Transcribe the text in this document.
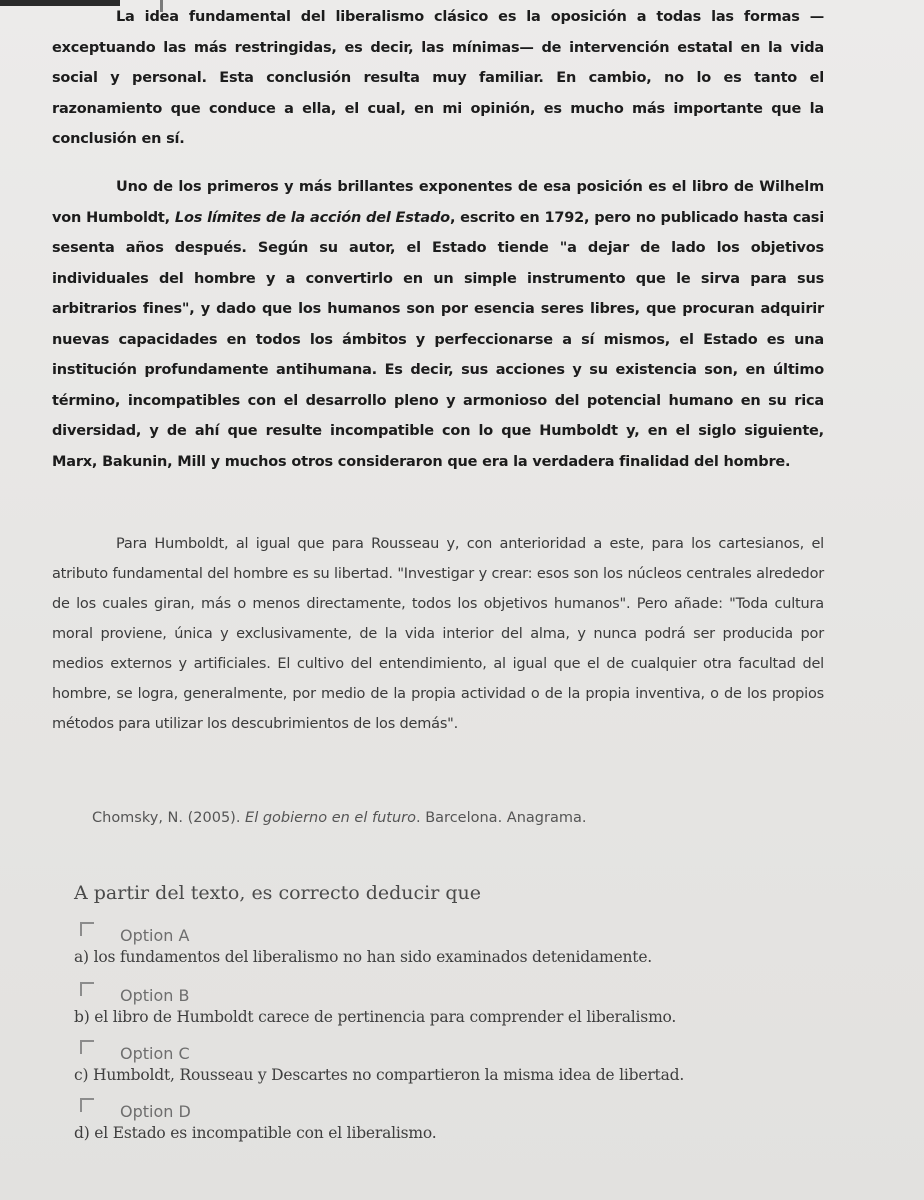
La idea fundamental del liberalismo clásico es la oposición a todas las formas —exceptuando las más restringidas, es decir, las mínimas— de intervención estatal en la vida social y personal. Esta conclusión resulta muy familiar. En cambio, no lo es tanto el razonamiento que conduce a ella, el cual, en mi opinión, es mucho más importante que la conclusión en sí.

Uno de los primeros y más brillantes exponentes de esa posición es el libro de Wilhelm von Humboldt, Los límites de la acción del Estado, escrito en 1792, pero no publicado hasta casi sesenta años después. Según su autor, el Estado tiende "a dejar de lado los objetivos individuales del hombre y a convertirlo en un simple instrumento que le sirva para sus arbitrarios fines", y dado que los humanos son por esencia seres libres, que procuran adquirir nuevas capacidades en todos los ámbitos y perfeccionarse a sí mismos, el Estado es una institución profundamente antihumana. Es decir, sus acciones y su existencia son, en último término, incompatibles con el desarrollo pleno y armonioso del potencial humano en su rica diversidad, y de ahí que resulte incompatible con lo que Humboldt y, en el siglo siguiente, Marx, Bakunin, Mill y muchos otros consideraron que era la verdadera finalidad del hombre.

Para Humboldt, al igual que para Rousseau y, con anterioridad a este, para los cartesianos, el atributo fundamental del hombre es su libertad. "Investigar y crear: esos son los núcleos centrales alrededor de los cuales giran, más o menos directamente, todos los objetivos humanos". Pero añade: "Toda cultura moral proviene, única y exclusivamente, de la vida interior del alma, y nunca podrá ser producida por medios externos y artificiales. El cultivo del entendimiento, al igual que el de cualquier otra facultad del hombre, se logra, generalmente, por medio de la propia actividad o de la propia inventiva, o de los propios métodos para utilizar los descubrimientos de los demás".

Chomsky, N. (2005). El gobierno en el futuro. Barcelona. Anagrama.

A partir del texto, es correcto deducir que

Option A
a) los fundamentos del liberalismo no han sido examinados detenidamente.
Option B
b) el libro de Humboldt carece de pertinencia para comprender el liberalismo.
Option C
c) Humboldt, Rousseau y Descartes no compartieron la misma idea de libertad.
Option D
d) el Estado es incompatible con el liberalismo.
